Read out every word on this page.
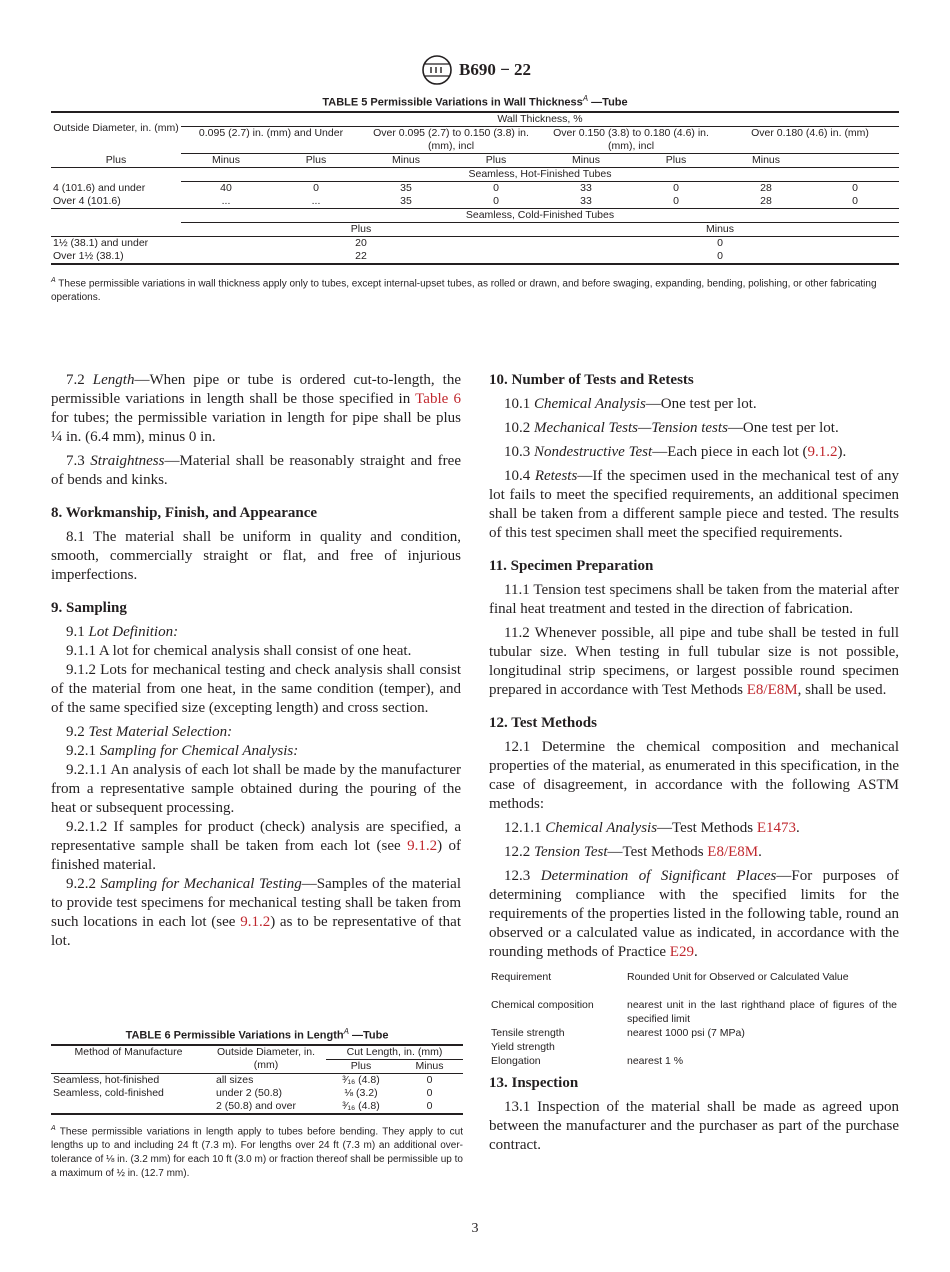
B690 − 22
TABLE 5 Permissible Variations in Wall Thickness$^A$ —Tube
Outside Diameter, in. (mm)	Wall Thickness, %							
	0.095 (2.7) in. (mm) and Under		Over 0.095 (2.7) to 0.150 (3.8) in. (mm), incl		Over 0.150 (3.8) to 0.180 (4.6) in. (mm), incl		Over 0.180 (4.6) in. (mm)	
Plus	Minus	Plus	Minus	Plus	Minus	Plus	Minus	
	Seamless, Hot-Finished Tubes							
4 (101.6) and under	40	0	35	0	33	0	28	0
Over 4 (101.6)	...	...	35	0	33	0	28	0
	Seamless, Cold-Finished Tubes							
	Plus				Minus			
1½ (38.1) and under	20				0			
Over 1½ (38.1)	22				0			
$^A$ These permissible variations in wall thickness apply only to tubes, except internal-upset tubes, as rolled or drawn, and before swaging, expanding, bending, polishing, or other fabricating operations.

7.2 Length—When pipe or tube is ordered cut-to-length, the permissible variations in length shall be those specified in Table 6 for tubes; the permissible variation in length for pipe shall be plus ¼ in. (6.4 mm), minus 0 in.

7.3 Straightness—Material shall be reasonably straight and free of bends and kinks.

8. Workmanship, Finish, and Appearance

8.1 The material shall be uniform in quality and condition, smooth, commercially straight or flat, and free of injurious imperfections.

9. Sampling

9.1 Lot Definition:

9.1.1 A lot for chemical analysis shall consist of one heat.

9.1.2 Lots for mechanical testing and check analysis shall consist of the material from one heat, in the same condition (temper), and of the same specified size (excepting length) and cross section.

9.2 Test Material Selection:

9.2.1 Sampling for Chemical Analysis:

9.2.1.1 An analysis of each lot shall be made by the manufacturer from a representative sample obtained during the pouring of the heat or subsequent processing.

9.2.1.2 If samples for product (check) analysis are specified, a representative sample shall be taken from each lot (see 9.1.2) of finished material.

9.2.2 Sampling for Mechanical Testing—Samples of the material to provide test specimens for mechanical testing shall be taken from such locations in each lot (see 9.1.2) as to be representative of that lot.

TABLE 6 Permissible Variations in Length$^A$ —Tube
Method of Manufacture	Outside Diameter, in. (mm)	Cut Length, in. (mm)	
		Plus	Minus
Seamless, hot-finished	all sizes	³⁄₁₆ (4.8)	0
Seamless, cold-finished	under 2 (50.8)	⅛ (3.2)	0
	2 (50.8) and over	³⁄₁₆ (4.8)	0
$^A$ These permissible variations in length apply to tubes before bending. They apply to cut lengths up to and including 24 ft (7.3 m). For lengths over 24 ft (7.3 m) an additional over-tolerance of ⅛ in. (3.2 mm) for each 10 ft (3.0 m) or fraction thereof shall be permissible up to a maximum of ½ in. (12.7 mm).
10. Number of Tests and Retests

10.1 Chemical Analysis—One test per lot.

10.2 Mechanical Tests—Tension tests—One test per lot.

10.3 Nondestructive Test—Each piece in each lot (9.1.2).

10.4 Retests—If the specimen used in the mechanical test of any lot fails to meet the specified requirements, an additional specimen shall be taken from a different sample piece and tested. The results of this test specimen shall meet the specified requirements.

11. Specimen Preparation

11.1 Tension test specimens shall be taken from the material after final heat treatment and tested in the direction of fabrication.

11.2 Whenever possible, all pipe and tube shall be tested in full tubular size. When testing in full tubular size is not possible, longitudinal strip specimens, or largest possible round specimen prepared in accordance with Test Methods E8/E8M, shall be used.

12. Test Methods

12.1 Determine the chemical composition and mechanical properties of the material, as enumerated in this specification, in the case of disagreement, in accordance with the following ASTM methods:

12.1.1 Chemical Analysis—Test Methods E1473.

12.2 Tension Test—Test Methods E8/E8M.

12.3 Determination of Significant Places—For purposes of determining compliance with the specified limits for the requirements of the properties listed in the following table, round an observed or a calculated value as indicated, in accordance with the rounding methods of Practice E29.

Requirement	Rounded Unit for Observed or Calculated Value
Chemical composition	nearest unit in the last righthand place of figures of the specified limit
Tensile strength	nearest 1000 psi (7 MPa)
Yield strength	
Elongation	nearest 1 %
13. Inspection

13.1 Inspection of the material shall be made as agreed upon between the manufacturer and the purchaser as part of the purchase contract.

3
